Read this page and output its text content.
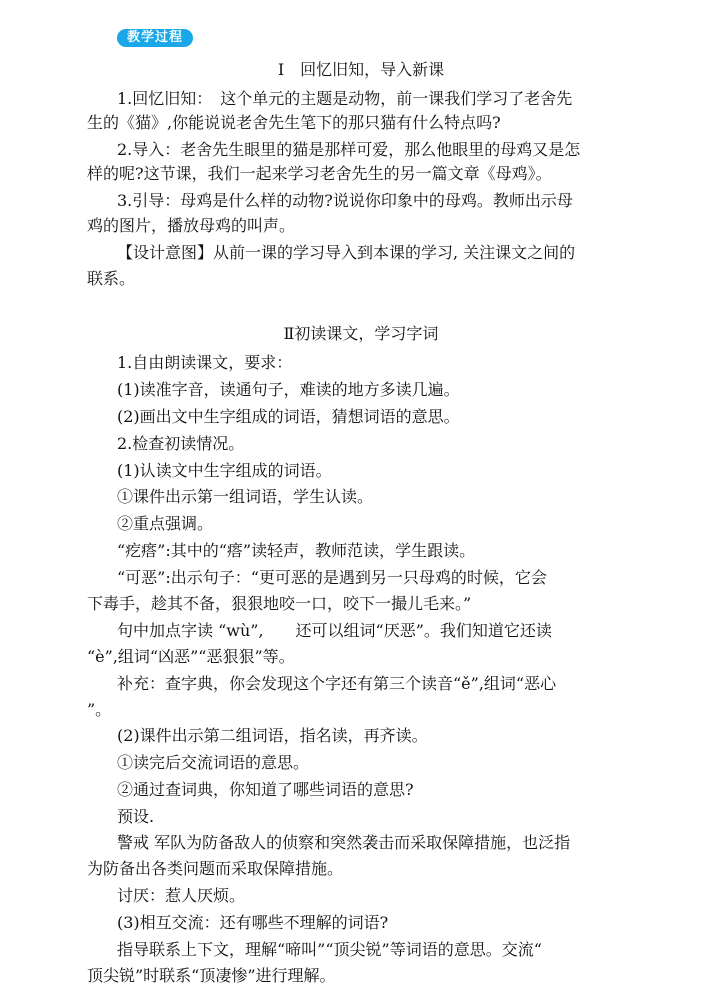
教学过程
Ⅰ　回忆旧知，导入新课
1.回忆旧知：　这个单元的主题是动物，前一课我们学习了老舍先
生的《猫》,你能说说老舍先生笔下的那只猫有什么特点吗?
2.导入：老舍先生眼里的猫是那样可爱，那么他眼里的母鸡又是怎
样的呢?这节课，我们一起来学习老舍先生的另一篇文章《母鸡》。
3.引导：母鸡是什么样的动物?说说你印象中的母鸡。教师出示母
鸡的图片，播放母鸡的叫声。
【设计意图】从前一课的学习导入到本课的学习, 关注课文之间的
联系。
Ⅱ初读课文，学习字词
1.自由朗读课文，要求：
(1)读准字音，读通句子，难读的地方多读几遍。
(2)画出文中生字组成的词语，猜想词语的意思。
2.检查初读情况。
(1)认读文中生字组成的词语。
①课件出示第一组词语，学生认读。
②重点强调。
“疙瘩”:其中的“瘩”读轻声，教师范读，学生跟读。
“可恶”:出示句子：“更可恶的是遇到另一只母鸡的时候，它会
下毒手，趁其不备，狠狠地咬一口，咬下一撮儿毛来。”
句中加点字读 “wù”,　　还可以组词“厌恶”。我们知道它还读
“è”,组词“凶恶”“恶狠狠”等。
补充：查字典，你会发现这个字还有第三个读音“ě”,组词“恶心
”。
(2)课件出示第二组词语，指名读，再齐读。
①读完后交流词语的意思。
②通过查词典，你知道了哪些词语的意思?
预设.
警戒 军队为防备敌人的侦察和突然袭击而采取保障措施，也泛指
为防备出各类问题而采取保障措施。
讨厌：惹人厌烦。
(3)相互交流：还有哪些不理解的词语?
指导联系上下文，理解“啼叫”“顶尖锐”等词语的意思。交流“
顶尖锐”时联系“顶凄惨”进行理解。
